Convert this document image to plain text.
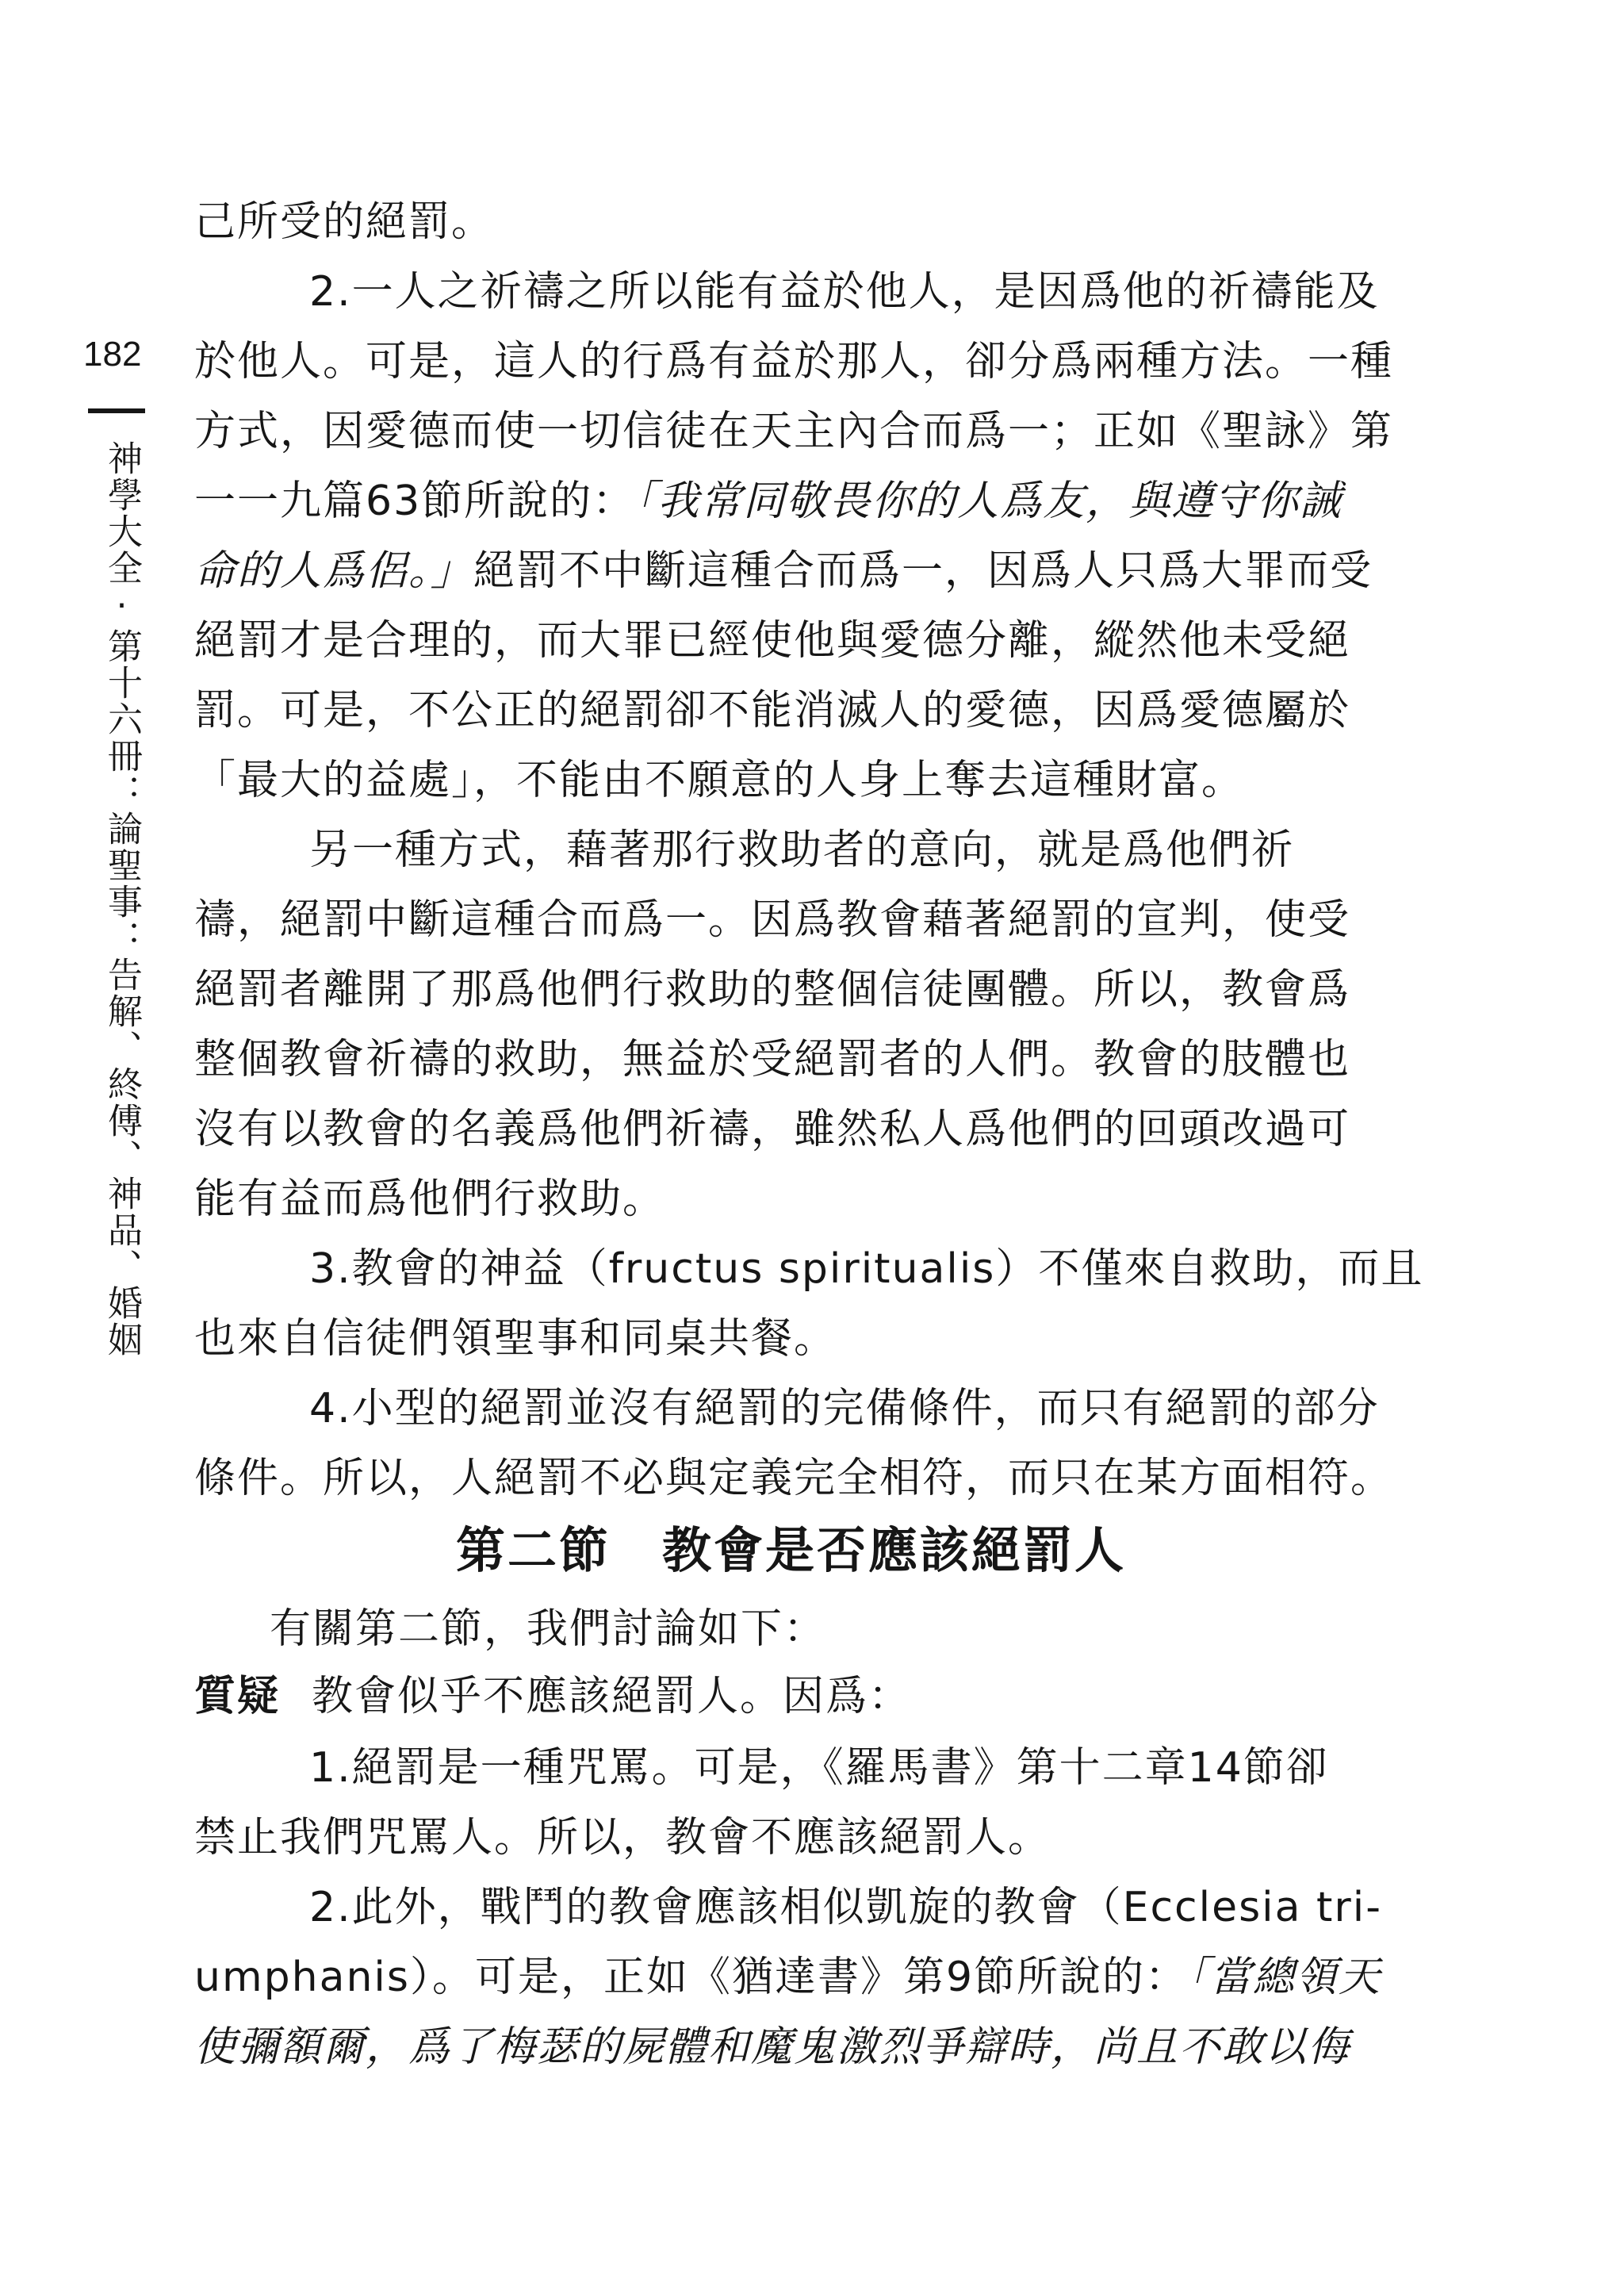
182
神學大全‧第十六冊：論聖事：告解、終傅、神品、婚姻
己所受的絕罰。
2.一人之祈禱之所以能有益於他人，是因爲他的祈禱能及
於他人。可是，這人的行爲有益於那人，卻分爲兩種方法。一種
方式，因愛德而使一切信徒在天主內合而爲一；正如《聖詠》第
一一九篇63節所說的：「我常同敬畏你的人爲友，與遵守你誡
命的人爲侶。」絕罰不中斷這種合而爲一，因爲人只爲大罪而受
絕罰才是合理的，而大罪已經使他與愛德分離，縱然他未受絕
罰。可是，不公正的絕罰卻不能消滅人的愛德，因爲愛德屬於
「最大的益處」，不能由不願意的人身上奪去這種財富。
另一種方式，藉著那行救助者的意向，就是爲他們祈
禱，絕罰中斷這種合而爲一。因爲教會藉著絕罰的宣判，使受
絕罰者離開了那爲他們行救助的整個信徒團體。所以，教會爲
整個教會祈禱的救助，無益於受絕罰者的人們。教會的肢體也
沒有以教會的名義爲他們祈禱，雖然私人爲他們的回頭改過可
能有益而爲他們行救助。
3.教會的神益（fructus spiritualis）不僅來自救助，而且
也來自信徒們領聖事和同桌共餐。
4.小型的絕罰並沒有絕罰的完備條件，而只有絕罰的部分
條件。所以，人絕罰不必與定義完全相符，而只在某方面相符。
第二節　教會是否應該絕罰人
有關第二節，我們討論如下：
質疑 教會似乎不應該絕罰人。因爲：
1.絕罰是一種咒罵。可是，《羅馬書》第十二章14節卻
禁止我們咒罵人。所以，教會不應該絕罰人。
2.此外，戰鬥的教會應該相似凱旋的教會（Ecclesia tri-
umphanis）。可是，正如《猶達書》第9節所說的：「當總領天
使彌額爾，爲了梅瑟的屍體和魔鬼激烈爭辯時，尚且不敢以侮
